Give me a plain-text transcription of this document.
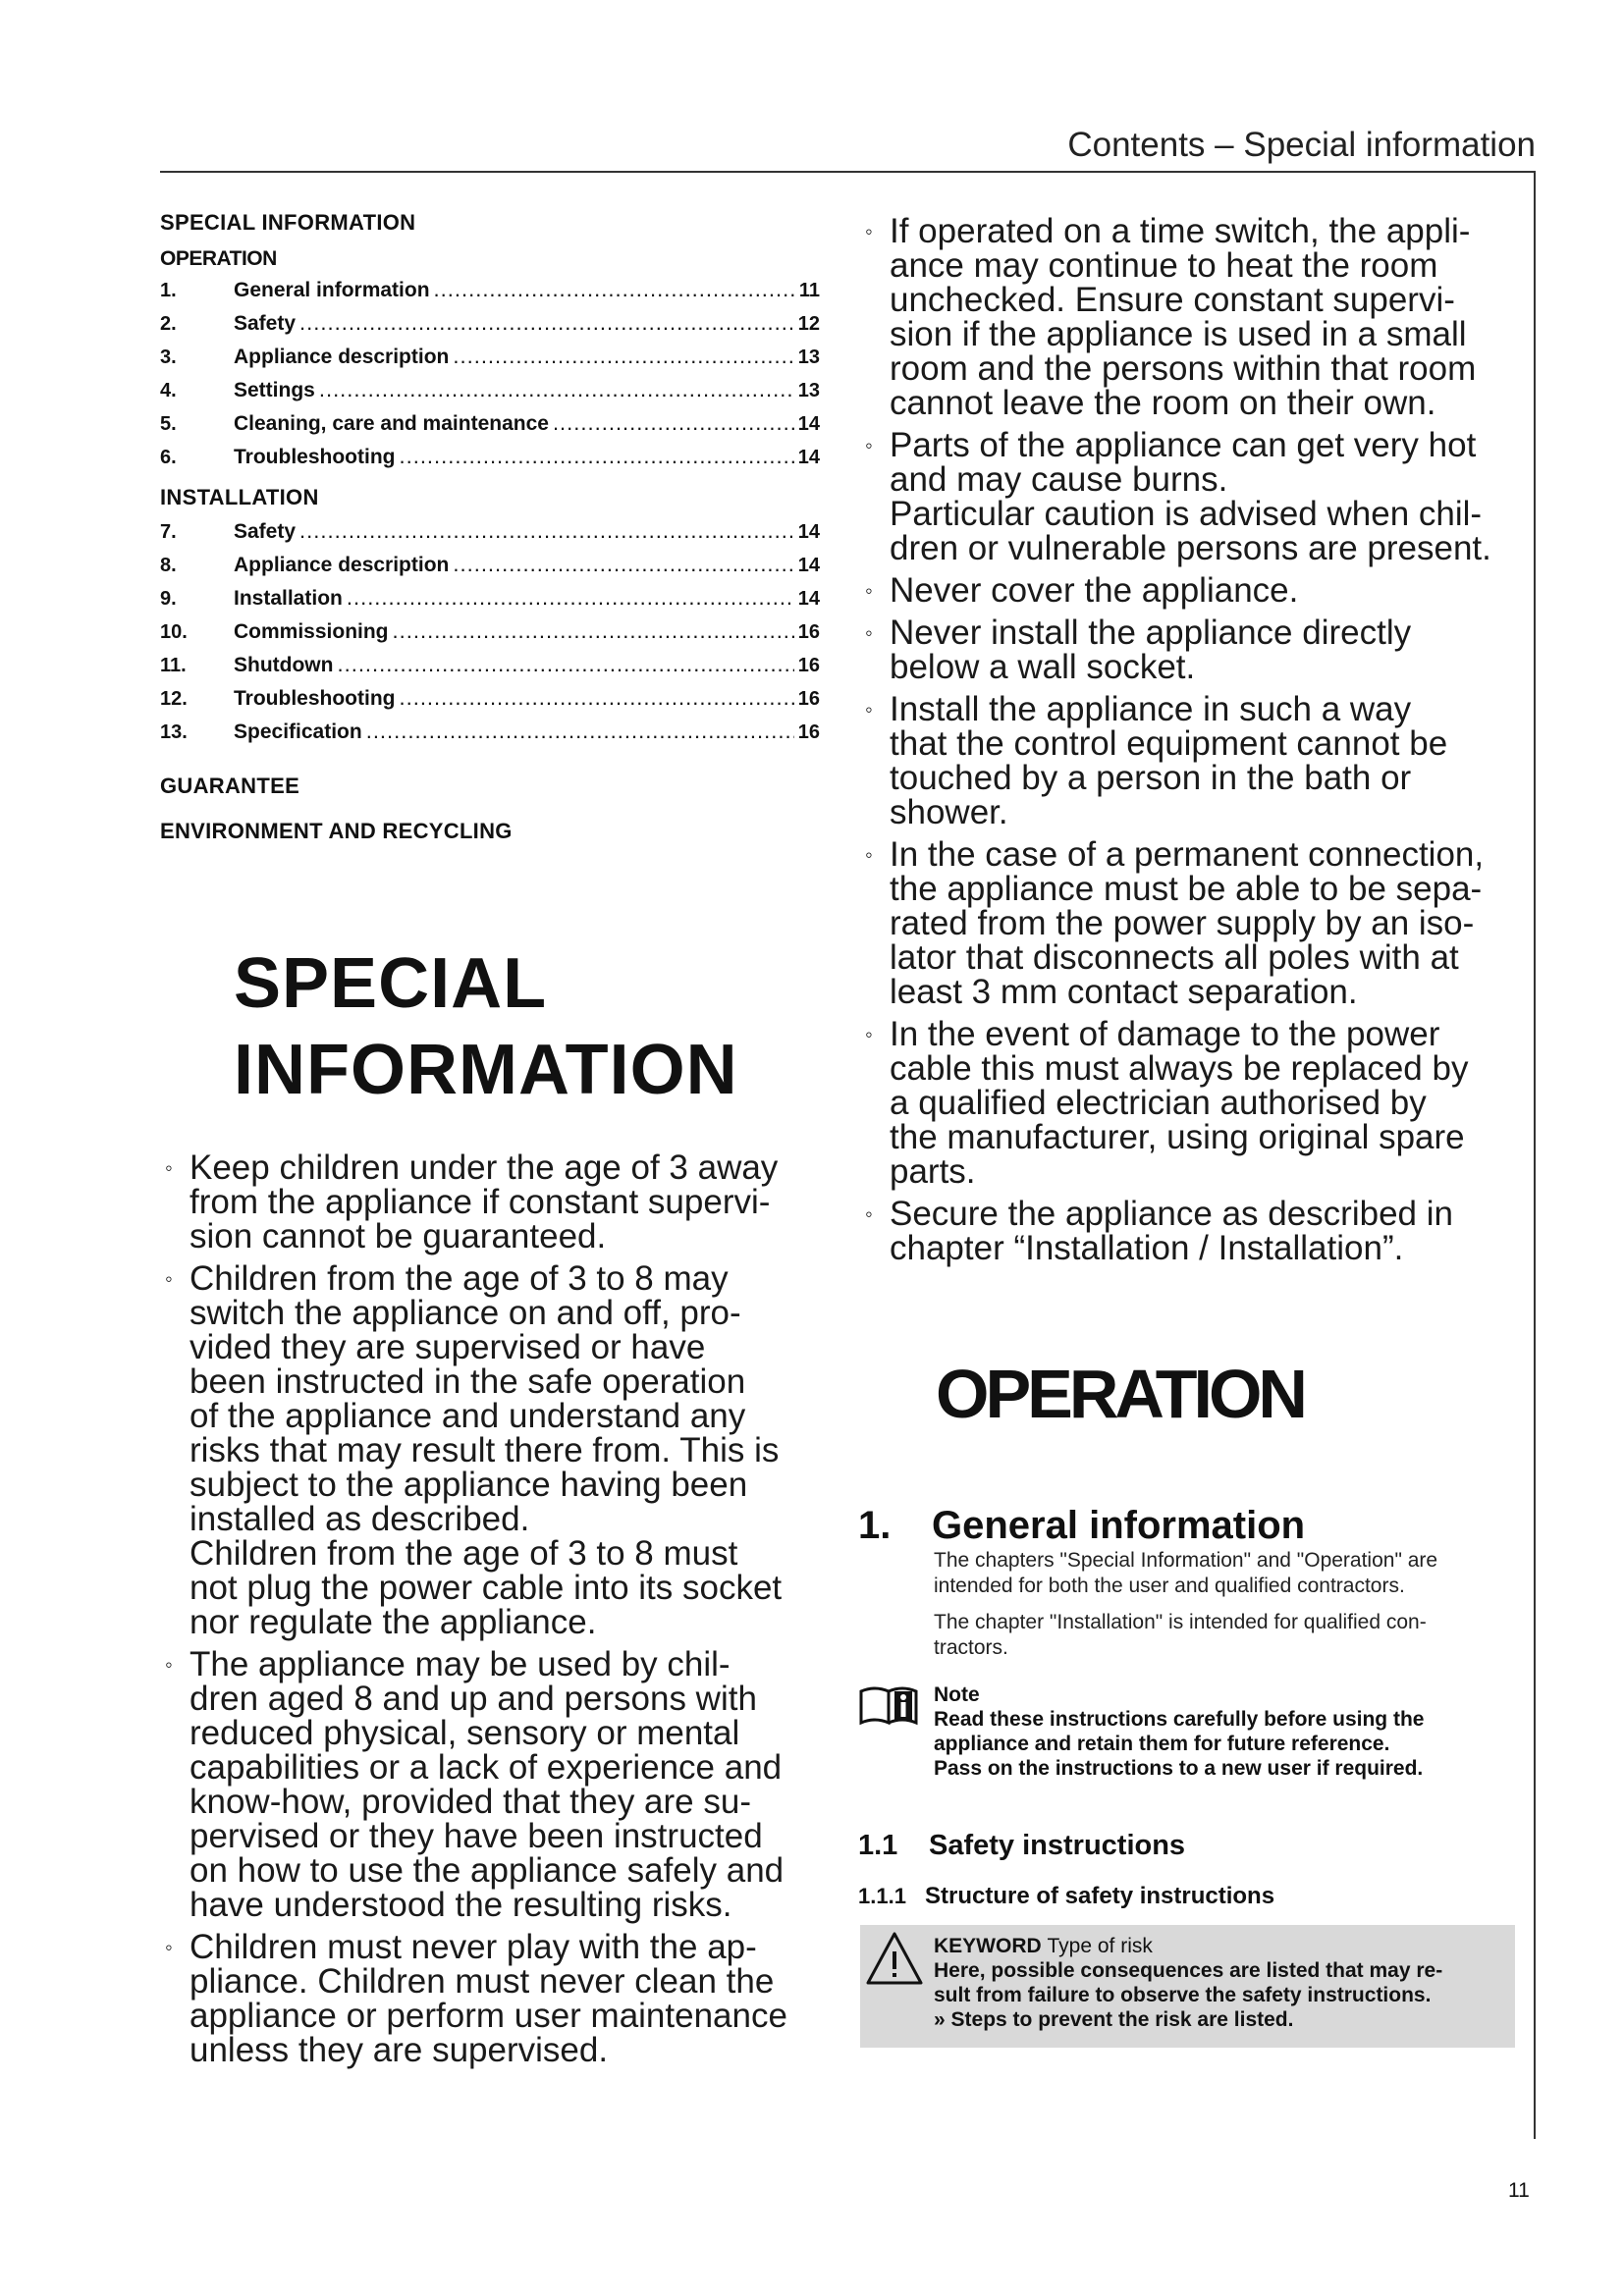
Contents – Special information
SPECIAL INFORMATION
OPERATION
1.	General information .....	11
2.	Safety .....	12
3.	Appliance description .....	13
4.	Settings .....	13
5.	Cleaning, care and maintenance .....	14
6.	Troubleshooting .....	14
INSTALLATION
7.	Safety .....	14
8.	Appliance description .....	14
9.	Installation .....	14
10.	Commissioning .....	16
11.	Shutdown .....	16
12.	Troubleshooting .....	16
13.	Specification .....	16
GUARANTEE
ENVIRONMENT AND RECYCLING
SPECIAL
INFORMATION
◦ Keep children under the age of 3 away
from the appliance if constant supervi-
sion cannot be guaranteed.

◦ Children from the age of 3 to 8 may
switch the appliance on and off, pro-
vided they are supervised or have
been instructed in the safe operation
of the appliance and understand any
risks that may result there from. This is
subject to the appliance having been
installed as described.
Children from the age of 3 to 8 must
not plug the power cable into its socket
nor regulate the appliance.

◦ The appliance may be used by chil-
dren aged 8 and up and persons with
reduced physical, sensory or mental
capabilities or a lack of experience and
know-how, provided that they are su-
pervised or they have been instructed
on how to use the appliance safely and
have understood the resulting risks.

◦ Children must never play with the ap-
pliance. Children must never clean the
appliance or perform user maintenance
unless they are supervised.

◦ If operated on a time switch, the appli-
ance may continue to heat the room
unchecked. Ensure constant supervi-
sion if the appliance is used in a small
room and the persons within that room
cannot leave the room on their own.

◦ Parts of the appliance can get very hot
and may cause burns.
Particular caution is advised when chil-
dren or vulnerable persons are present.

◦ Never cover the appliance.

◦ Never install the appliance directly
below a wall socket.

◦ Install the appliance in such a way
that the control equipment cannot be
touched by a person in the bath or
shower.

◦ In the case of a permanent connection,
the appliance must be able to be sepa-
rated from the power supply by an iso-
lator that disconnects all poles with at
least 3 mm contact separation.

◦ In the event of damage to the power
cable this must always be replaced by
a qualified electrician authorised by
the manufacturer, using original spare
parts.

◦ Secure the appliance as described in
chapter “Installation / Installation”.

OPERATION
1. General information
The chapters "Special Information" and "Operation" are
intended for both the user and qualified contractors.
The chapter "Installation" is intended for qualified con-
tractors.
Note
Read these instructions carefully before using the
appliance and retain them for future reference.
Pass on the instructions to a new user if required.
1.1 Safety instructions
1.1.1 Structure of safety instructions
KEYWORD Type of risk
Here, possible consequences are listed that may re-
sult from failure to observe the safety instructions.
» Steps to prevent the risk are listed.
11
